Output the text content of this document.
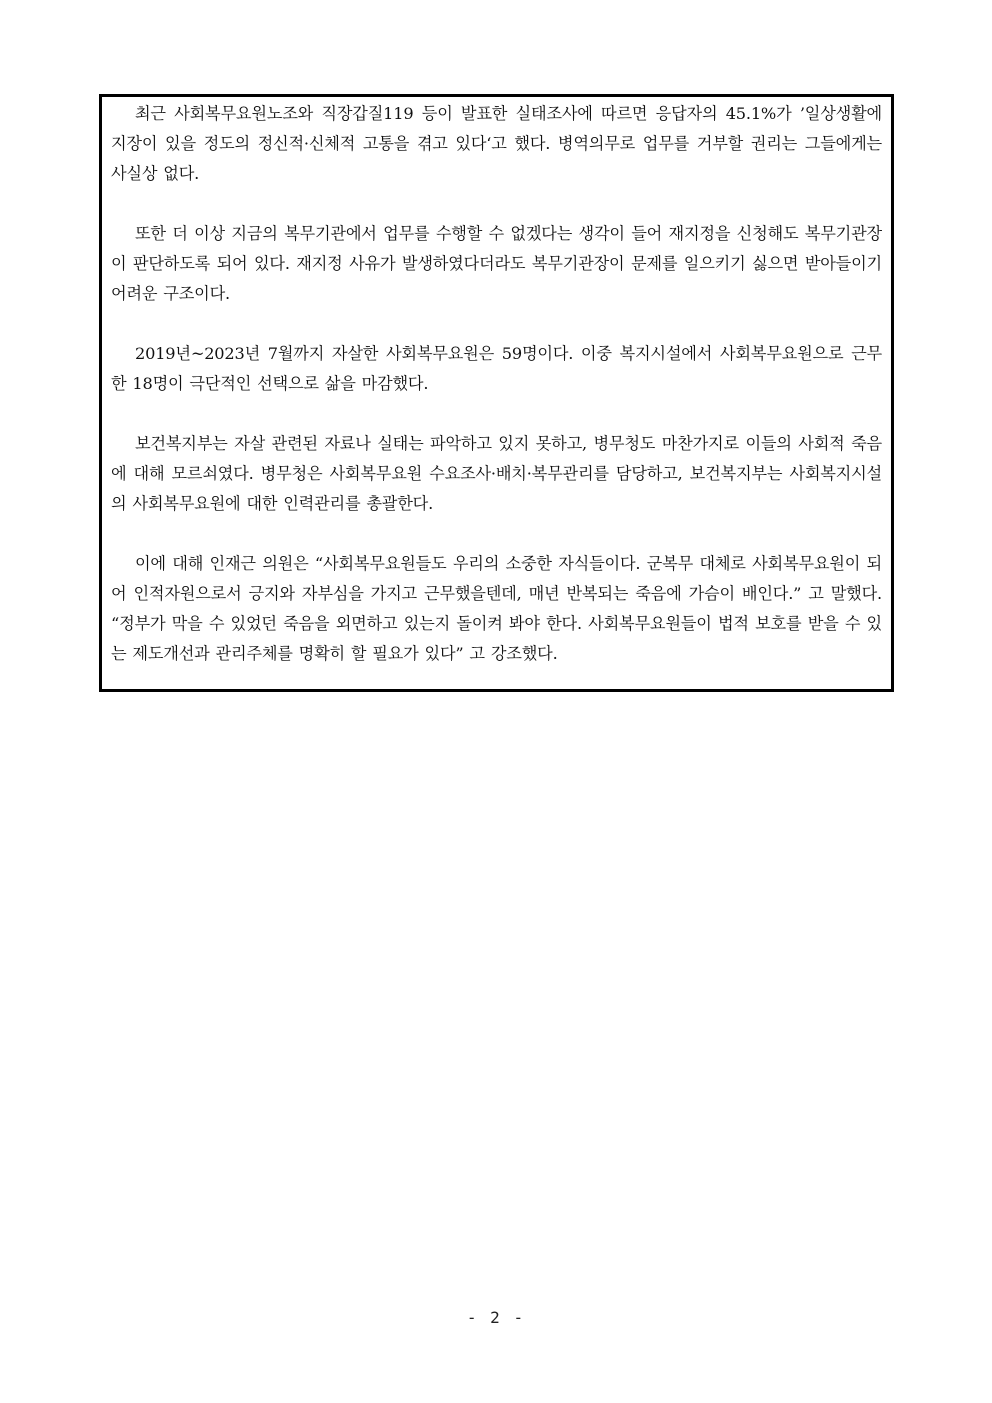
최근 사회복무요원노조와 직장갑질119 등이 발표한 실태조사에 따르면 응답자의 45.1%가 ’일상생활에 지장이 있을 정도의 정신적·신체적 고통을 겪고 있다‘고 했다. 병역의무로 업무를 거부할 권리는 그들에게는 사실상 없다.

또한 더 이상 지금의 복무기관에서 업무를 수행할 수 없겠다는 생각이 들어 재지정을 신청해도 복무기관장이 판단하도록 되어 있다. 재지정 사유가 발생하였다더라도 복무기관장이 문제를 일으키기 싫으면 받아들이기 어려운 구조이다.

2019년~2023년 7월까지 자살한 사회복무요원은 59명이다. 이중 복지시설에서 사회복무요원으로 근무한 18명이 극단적인 선택으로 삶을 마감했다.

보건복지부는 자살 관련된 자료나 실태는 파악하고 있지 못하고, 병무청도 마찬가지로 이들의 사회적 죽음에 대해 모르쇠였다. 병무청은 사회복무요원 수요조사·배치·복무관리를 담당하고, 보건복지부는 사회복지시설의 사회복무요원에 대한 인력관리를 총괄한다.

이에 대해 인재근 의원은 “사회복무요원들도 우리의 소중한 자식들이다. 군복무 대체로 사회복무요원이 되어 인적자원으로서 긍지와 자부심을 가지고 근무했을텐데, 매년 반복되는 죽음에 가슴이 배인다.” 고 말했다. “정부가 막을 수 있었던 죽음을 외면하고 있는지 돌이켜 봐야 한다. 사회복무요원들이 법적 보호를 받을 수 있는 제도개선과 관리주체를 명확히 할 필요가 있다” 고 강조했다.

- 2 -
